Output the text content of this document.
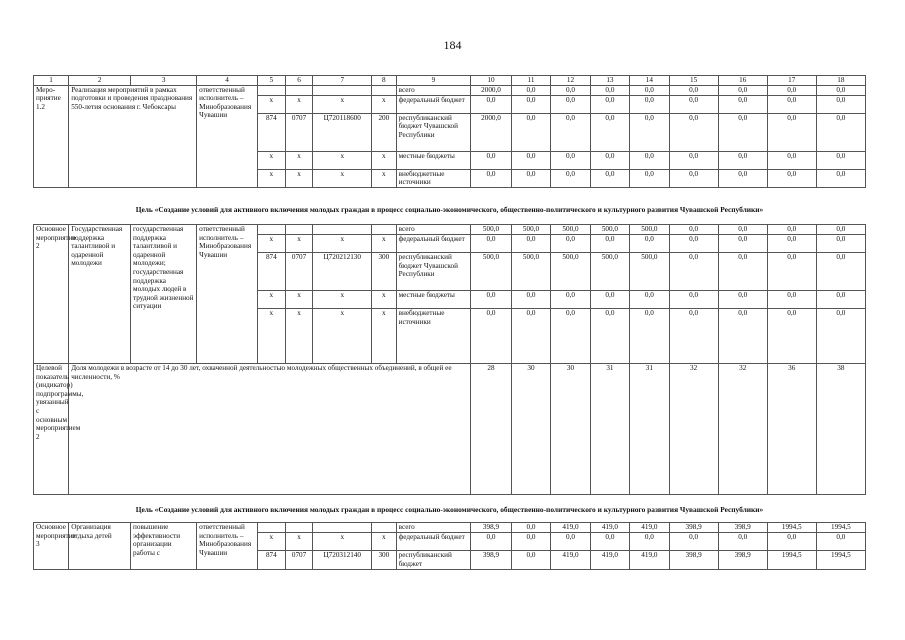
184
1	2	3	4	5	6	7	8	9	10	11	12	13	14	15	16	17	18
Мероприятие 1.2	Реализация мероприятий в рамках подготовки и проведения празднования 550-летия основания г. Чебоксары		ответственный исполнитель – Минобразования Чувашии					всего	2000,0	0,0	0,0	0,0	0,0	0,0	0,0	0,0	0,0
				x	x	x	x	федеральный бюджет	0,0	0,0	0,0	0,0	0,0	0,0	0,0	0,0	0,0
				874	0707	Ц720118600	200	республиканский бюджет Чувашской Республики	2000,0	0,0	0,0	0,0	0,0	0,0	0,0	0,0	0,0
				x	x	x	x	местные бюджеты	0,0	0,0	0,0	0,0	0,0	0,0	0,0	0,0	0,0
				x	x	x	x	внебюджетные источники	0,0	0,0	0,0	0,0	0,0	0,0	0,0	0,0	0,0
Цель «Создание условий для активного включения молодых граждан в процесс социально-экономического, общественно-политического и культурного развития Чувашской Республики»
Основное мероприятие 2	Государственная поддержка талантливой и одаренной молодежи	государственная поддержка талантливой и одаренной молодежи; государственная поддержка молодых людей в трудной жизненной ситуации	ответственный исполнитель – Минобразования Чувашии					всего	500,0	500,0	500,0	500,0	500,0	0,0	0,0	0,0	0,0
				x	x	x	x	федеральный бюджет	0,0	0,0	0,0	0,0	0,0	0,0	0,0	0,0	0,0
				874	0707	Ц720212130	300	республиканский бюджет Чувашской Республики	500,0	500,0	500,0	500,0	500,0	0,0	0,0	0,0	0,0
				x	x	x	x	местные бюджеты	0,0	0,0	0,0	0,0	0,0	0,0	0,0	0,0	0,0
				x	x	x	x	внебюджетные источники	0,0	0,0	0,0	0,0	0,0	0,0	0,0	0,0	0,0
Целевой показатель (индикатор) подпрограммы, увязанный с основным мероприятием 2	Доля молодежи в возрасте от 14 до 30 лет, охваченной деятельностью молодежных общественных объединений, в общей ее численности, %								28	30	30	31	31	32	32	36	38
Цель «Создание условий для активного включения молодых граждан в процесс социально-экономического, общественно-политического и культурного развития Чувашской Республики»
Основное мероприятие 3	Организация отдыха детей	повышение эффективности организации работы с	ответственный исполнитель – Минобразования Чувашии					всего	398,9	0,0	419,0	419,0	419,0	398,9	398,9	1994,5	1994,5
				x	x	x	x	федеральный бюджет	0,0	0,0	0,0	0,0	0,0	0,0	0,0	0,0	0,0
				874	0707	Ц720312140	300	республиканский бюджет	398,9	0,0	419,0	419,0	419,0	398,9	398,9	1994,5	1994,5
